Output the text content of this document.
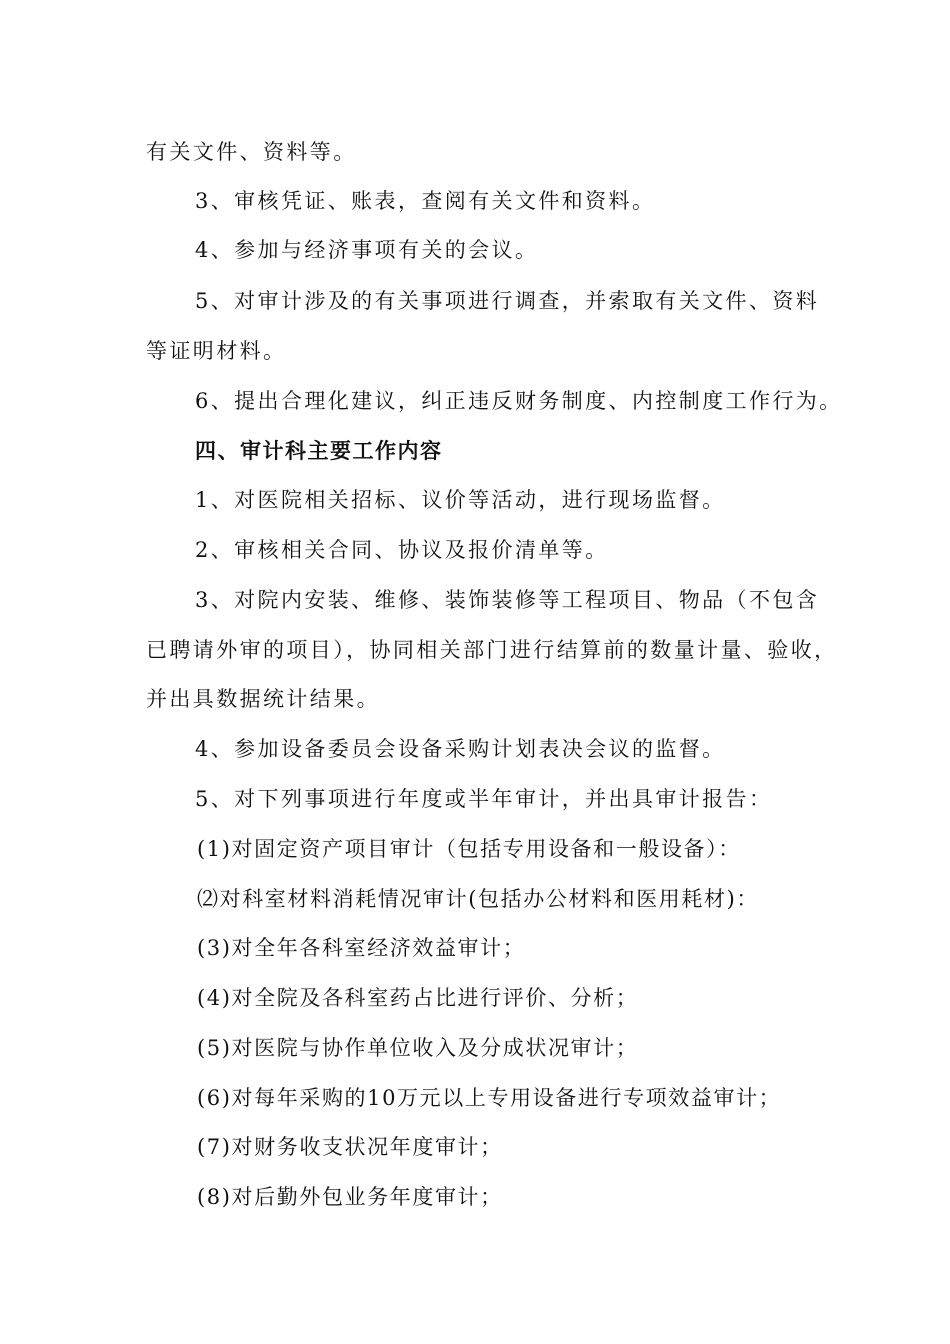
有关文件、资料等。
3、审核凭证、账表，查阅有关文件和资料。
4、参加与经济事项有关的会议。
5、对审计涉及的有关事项进行调查，并索取有关文件、资料
等证明材料。
6、提出合理化建议，纠正违反财务制度、内控制度工作行为。
四、审计科主要工作内容
1、对医院相关招标、议价等活动，进行现场监督。
2、审核相关合同、协议及报价清单等。
3、对院内安装、维修、装饰装修等工程项目、物品（不包含
已聘请外审的项目），协同相关部门进行结算前的数量计量、验收，
并出具数据统计结果。
4、参加设备委员会设备采购计划表决会议的监督。
5、对下列事项进行年度或半年审计，并出具审计报告：
(1)对固定资产项目审计（包括专用设备和一般设备）：
⑵对科室材料消耗情况审计(包括办公材料和医用耗材)：
(3)对全年各科室经济效益审计；
(4)对全院及各科室药占比进行评价、分析；
(5)对医院与协作单位收入及分成状况审计；
(6)对每年采购的10万元以上专用设备进行专项效益审计；
(7)对财务收支状况年度审计；
(8)对后勤外包业务年度审计；
